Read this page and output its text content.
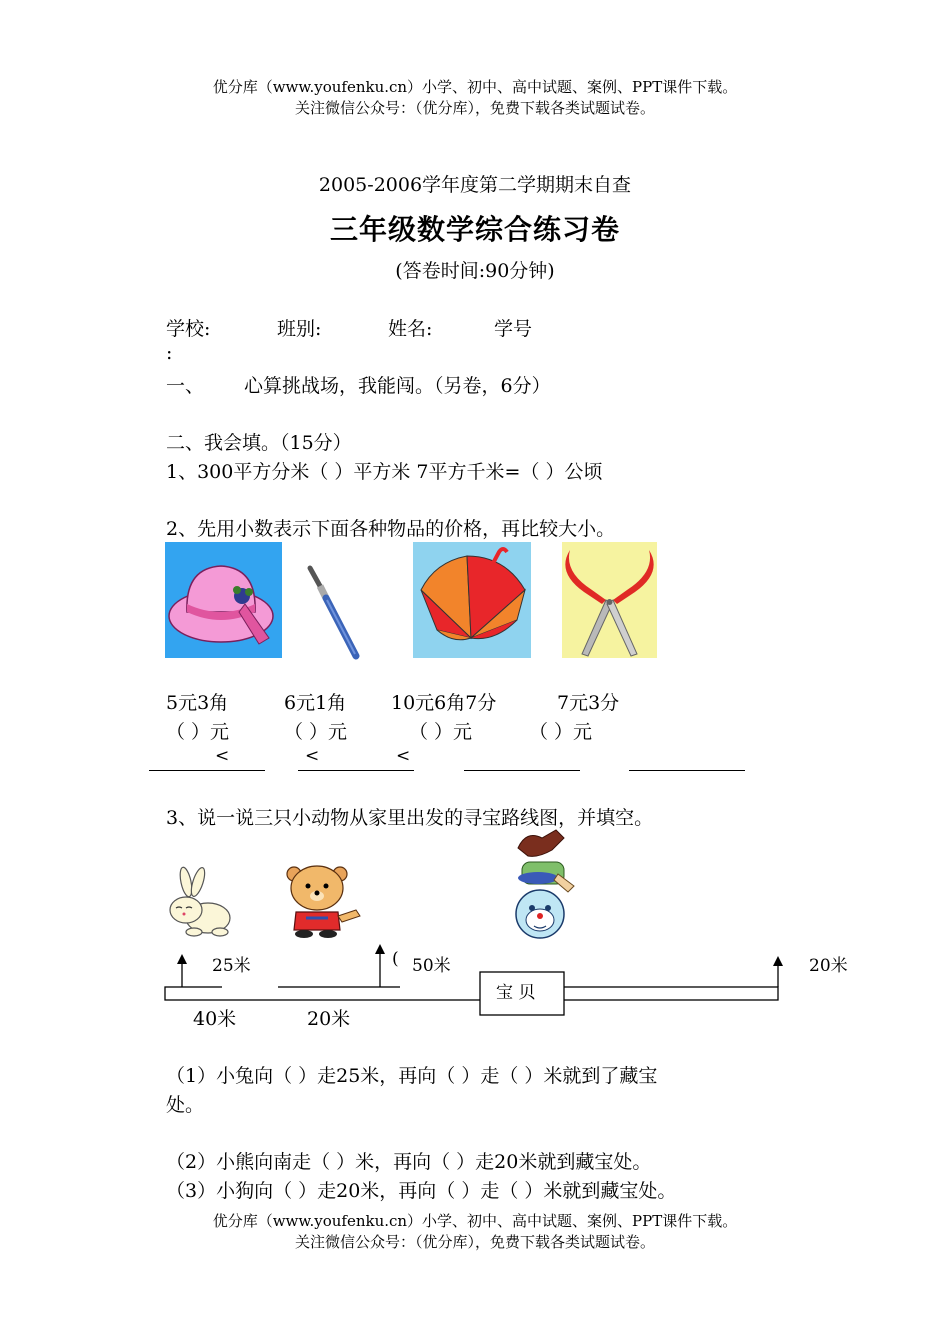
优分库（www.youfenku.cn）小学、初中、高中试题、案例、PPT课件下载。
关注微信公众号：（优分库），免费下载各类试题试卷。
2005-2006学年度第二学期期末自查
三年级数学综合练习卷
(答卷时间:90分钟)
学校:	班别:	姓名:	学号
:
一、 心算挑战场，我能闯。（另卷，6分）
二、我会填。（15分）
1、300平方分米（ ）平方米 7平方千米=（ ）公顷
2、先用小数表示下面各种物品的价格，再比较大小。
5元3角	6元1角 10元6角7分	7元3分
（ ）元	（ ）元	（ ）元	（ ）元
<	<	<
3、说一说三只小动物从家里出发的寻宝路线图，并填空。
25米	( 50米	20米
宝 贝
40米	20米
（1）小兔向（ ）走25米，再向（ ）走（ ）米就到了藏宝
处。
（2）小熊向南走（ ）米，再向（ ）走20米就到藏宝处。
（3）小狗向（ ）走20米，再向（ ）走（ ）米就到藏宝处。
优分库（www.youfenku.cn）小学、初中、高中试题、案例、PPT课件下载。
关注微信公众号：（优分库），免费下载各类试题试卷。
